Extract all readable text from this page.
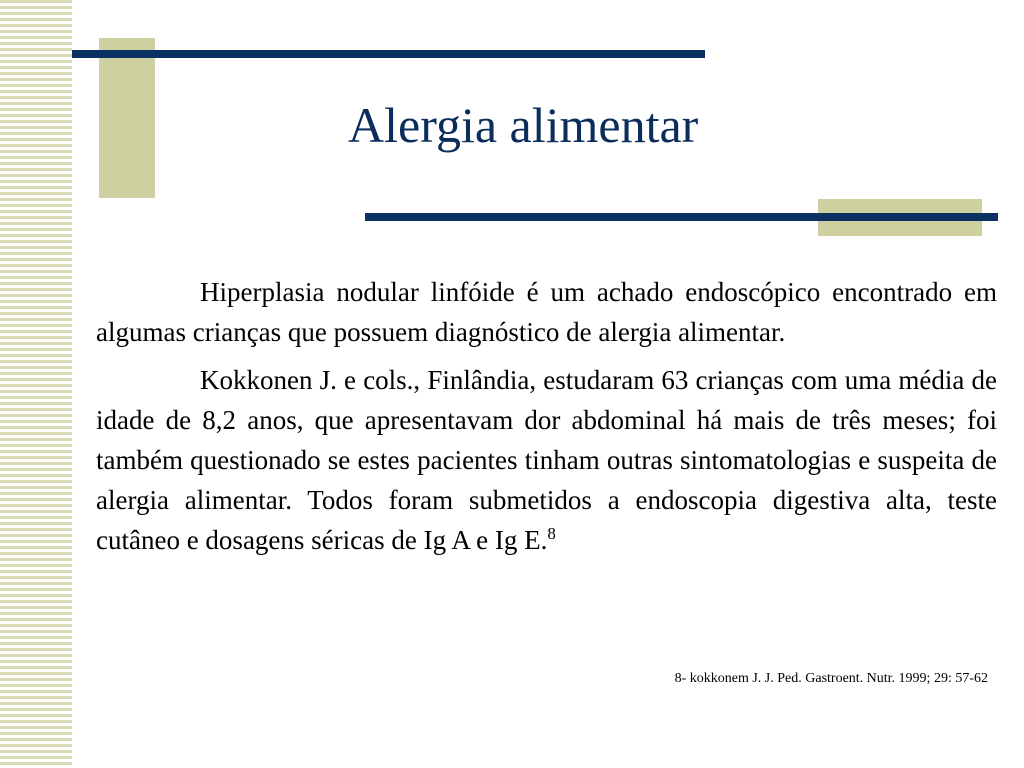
Alergia alimentar

Hiperplasia nodular linfóide é um achado endoscópico encontrado em algumas crianças que possuem diagnóstico de alergia alimentar.

Kokkonen J. e cols., Finlândia, estudaram 63 crianças com uma média de idade de 8,2 anos, que apresentavam dor abdominal há mais de três meses; foi também questionado se estes pacientes tinham outras sintomatologias e suspeita de alergia alimentar. Todos foram submetidos a endoscopia digestiva alta, teste cutâneo e dosagens séricas de Ig A e Ig E.$^8$

8- kokkonem J. J. Ped. Gastroent. Nutr. 1999; 29: 57-62
